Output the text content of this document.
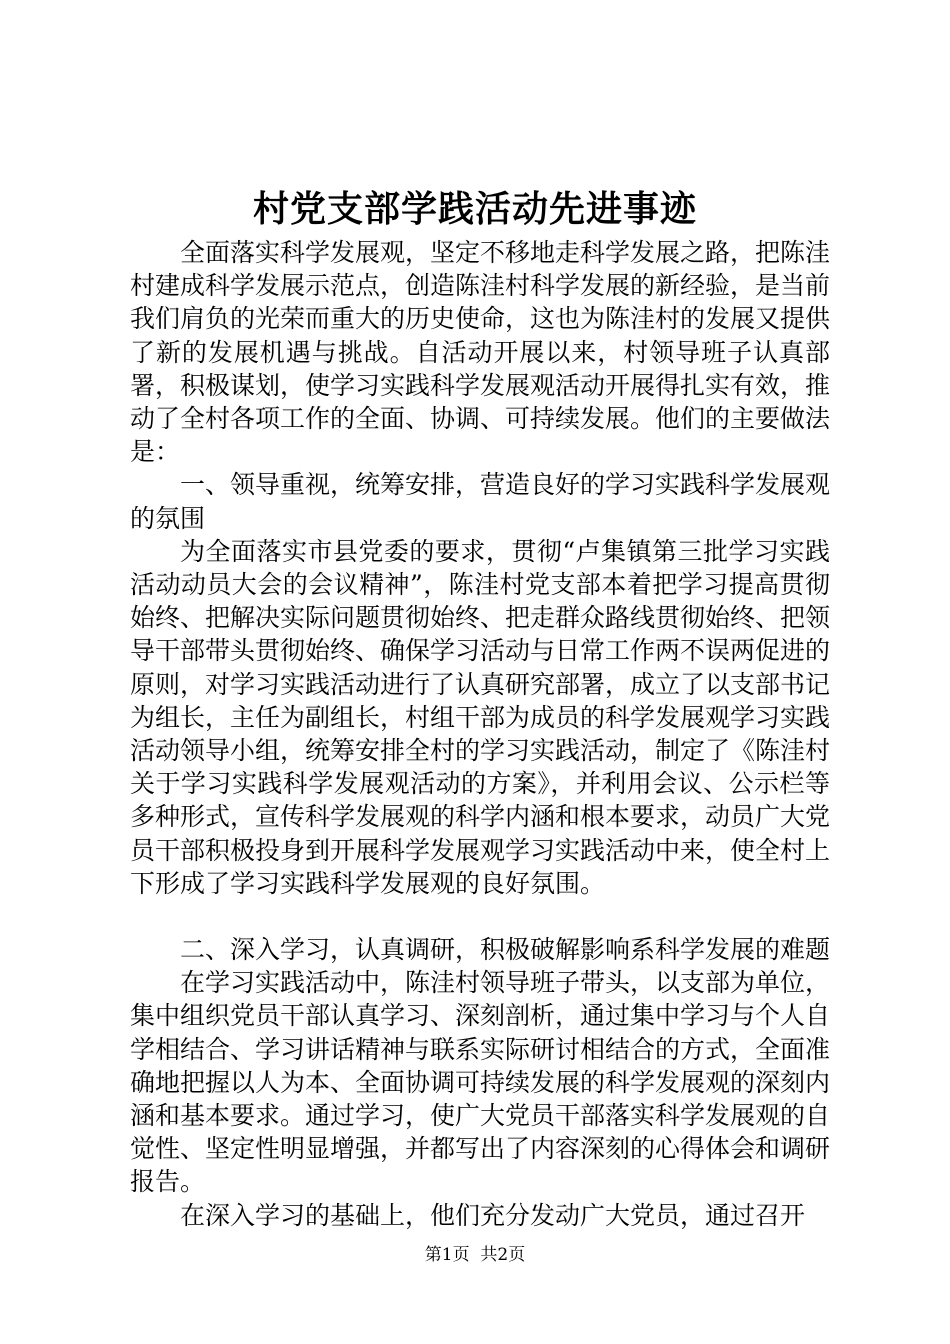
村党支部学践活动先进事迹

全面落实科学发展观，坚定不移地走科学发展之路，把陈洼村建成科学发展示范点，创造陈洼村科学发展的新经验，是当前我们肩负的光荣而重大的历史使命，这也为陈洼村的发展又提供了新的发展机遇与挑战。自活动开展以来，村领导班子认真部署，积极谋划，使学习实践科学发展观活动开展得扎实有效，推动了全村各项工作的全面、协调、可持续发展。他们的主要做法是：

一、领导重视，统筹安排，营造良好的学习实践科学发展观的氛围

为全面落实市县党委的要求，贯彻“卢集镇第三批学习实践活动动员大会的会议精神”，陈洼村党支部本着把学习提高贯彻始终、把解决实际问题贯彻始终、把走群众路线贯彻始终、把领导干部带头贯彻始终、确保学习活动与日常工作两不误两促进的原则，对学习实践活动进行了认真研究部署，成立了以支部书记为组长，主任为副组长，村组干部为成员的科学发展观学习实践活动领导小组，统筹安排全村的学习实践活动，制定了《陈洼村关于学习实践科学发展观活动的方案》，并利用会议、公示栏等多种形式，宣传科学发展观的科学内涵和根本要求，动员广大党员干部积极投身到开展科学发展观学习实践活动中来，使全村上下形成了学习实践科学发展观的良好氛围。

二、深入学习，认真调研，积极破解影响系科学发展的难题

在学习实践活动中，陈洼村领导班子带头，以支部为单位，集中组织党员干部认真学习、深刻剖析，通过集中学习与个人自学相结合、学习讲话精神与联系实际研讨相结合的方式，全面准确地把握以人为本、全面协调可持续发展的科学发展观的深刻内涵和基本要求。通过学习，使广大党员干部落实科学发展观的自觉性、坚定性明显增强，并都写出了内容深刻的心得体会和调研报告。

在深入学习的基础上，他们充分发动广大党员，通过召开

第1页  共2页
